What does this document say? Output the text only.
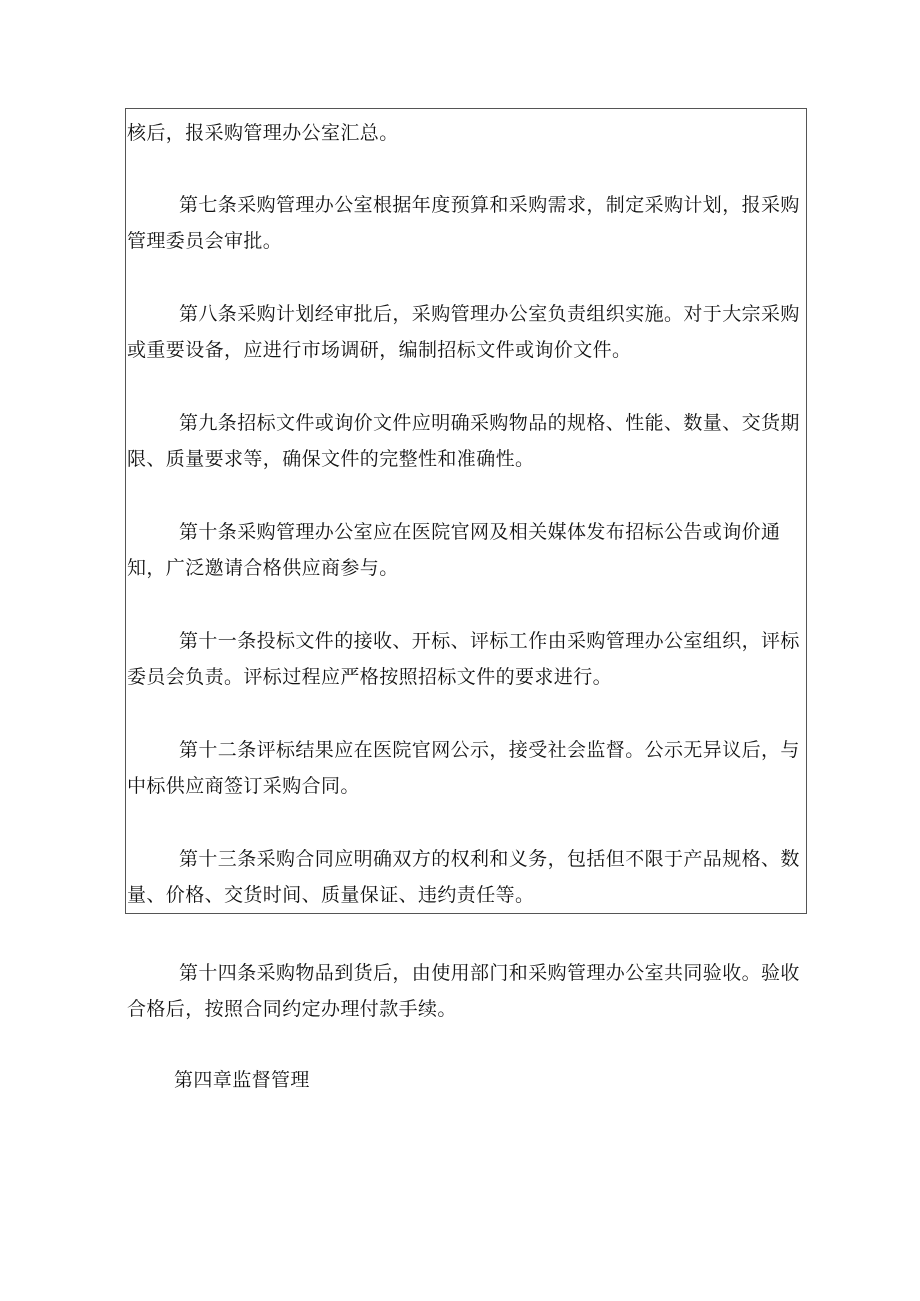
核后，报采购管理办公室汇总。

第七条采购管理办公室根据年度预算和采购需求，制定采购计划，报采购管理委员会审批。

第八条采购计划经审批后，采购管理办公室负责组织实施。对于大宗采购或重要设备，应进行市场调研，编制招标文件或询价文件。

第九条招标文件或询价文件应明确采购物品的规格、性能、数量、交货期限、质量要求等，确保文件的完整性和准确性。

第十条采购管理办公室应在医院官网及相关媒体发布招标公告或询价通知，广泛邀请合格供应商参与。

第十一条投标文件的接收、开标、评标工作由采购管理办公室组织，评标委员会负责。评标过程应严格按照招标文件的要求进行。

第十二条评标结果应在医院官网公示，接受社会监督。公示无异议后，与中标供应商签订采购合同。

第十三条采购合同应明确双方的权利和义务，包括但不限于产品规格、数量、价格、交货时间、质量保证、违约责任等。

第十四条采购物品到货后，由使用部门和采购管理办公室共同验收。验收合格后，按照合同约定办理付款手续。

第四章监督管理
